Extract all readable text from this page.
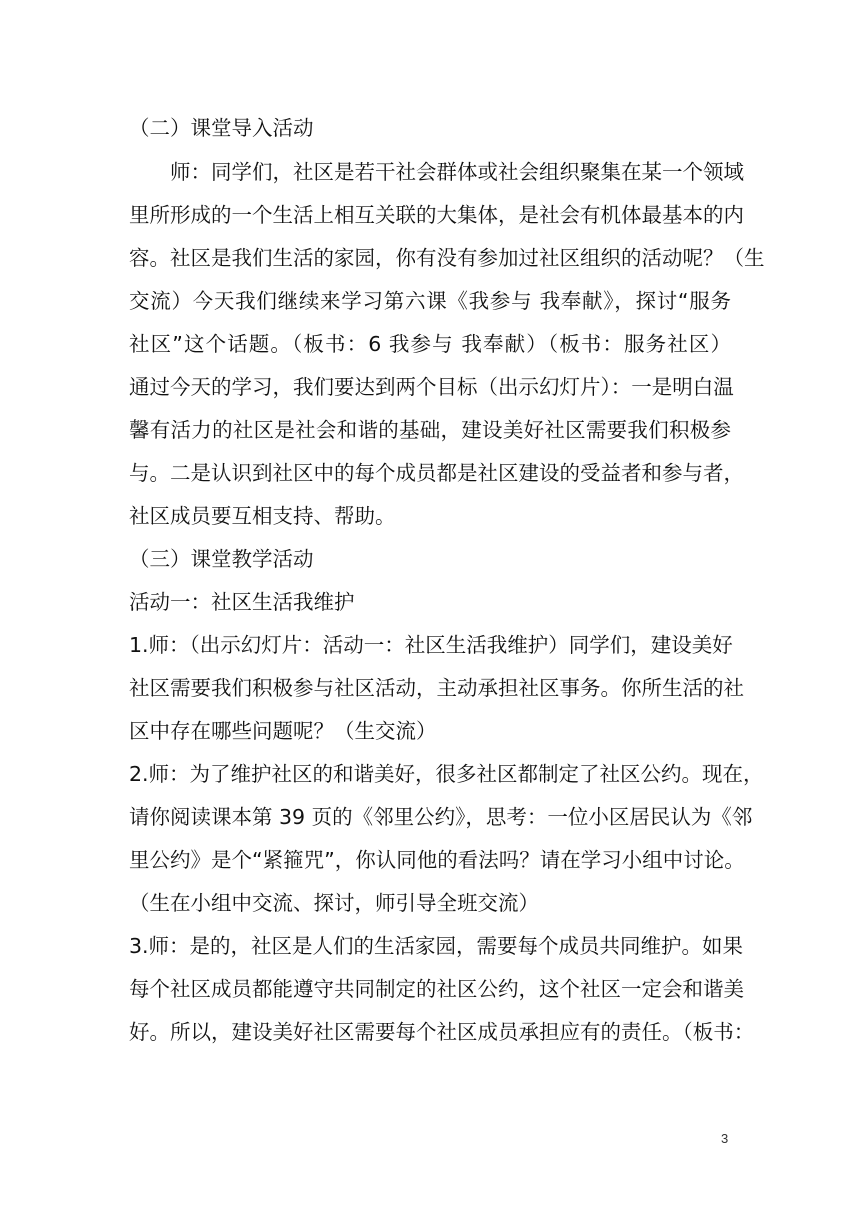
（二）课堂导入活动
师：同学们，社区是若干社会群体或社会组织聚集在某一个领域
里所形成的一个生活上相互关联的大集体，是社会有机体最基本的内
容。社区是我们生活的家园，你有没有参加过社区组织的活动呢？（生
交流）今天我们继续来学习第六课《我参与 我奉献》，探讨“服务
社区”这个话题。（板书：6 我参与 我奉献）（板书：服务社区）
通过今天的学习，我们要达到两个目标（出示幻灯片）：一是明白温
馨有活力的社区是社会和谐的基础，建设美好社区需要我们积极参
与。二是认识到社区中的每个成员都是社区建设的受益者和参与者，
社区成员要互相支持、帮助。
（三）课堂教学活动
活动一：社区生活我维护
1.师：（出示幻灯片：活动一：社区生活我维护）同学们，建设美好
社区需要我们积极参与社区活动，主动承担社区事务。你所生活的社
区中存在哪些问题呢？（生交流）
2.师：为了维护社区的和谐美好，很多社区都制定了社区公约。现在，
请你阅读课本第 39 页的《邻里公约》，思考：一位小区居民认为《邻
里公约》是个“紧箍咒”，你认同他的看法吗？请在学习小组中讨论。
（生在小组中交流、探讨，师引导全班交流）
3.师：是的，社区是人们的生活家园，需要每个成员共同维护。如果
每个社区成员都能遵守共同制定的社区公约，这个社区一定会和谐美
好。所以，建设美好社区需要每个社区成员承担应有的责任。（板书：
3
